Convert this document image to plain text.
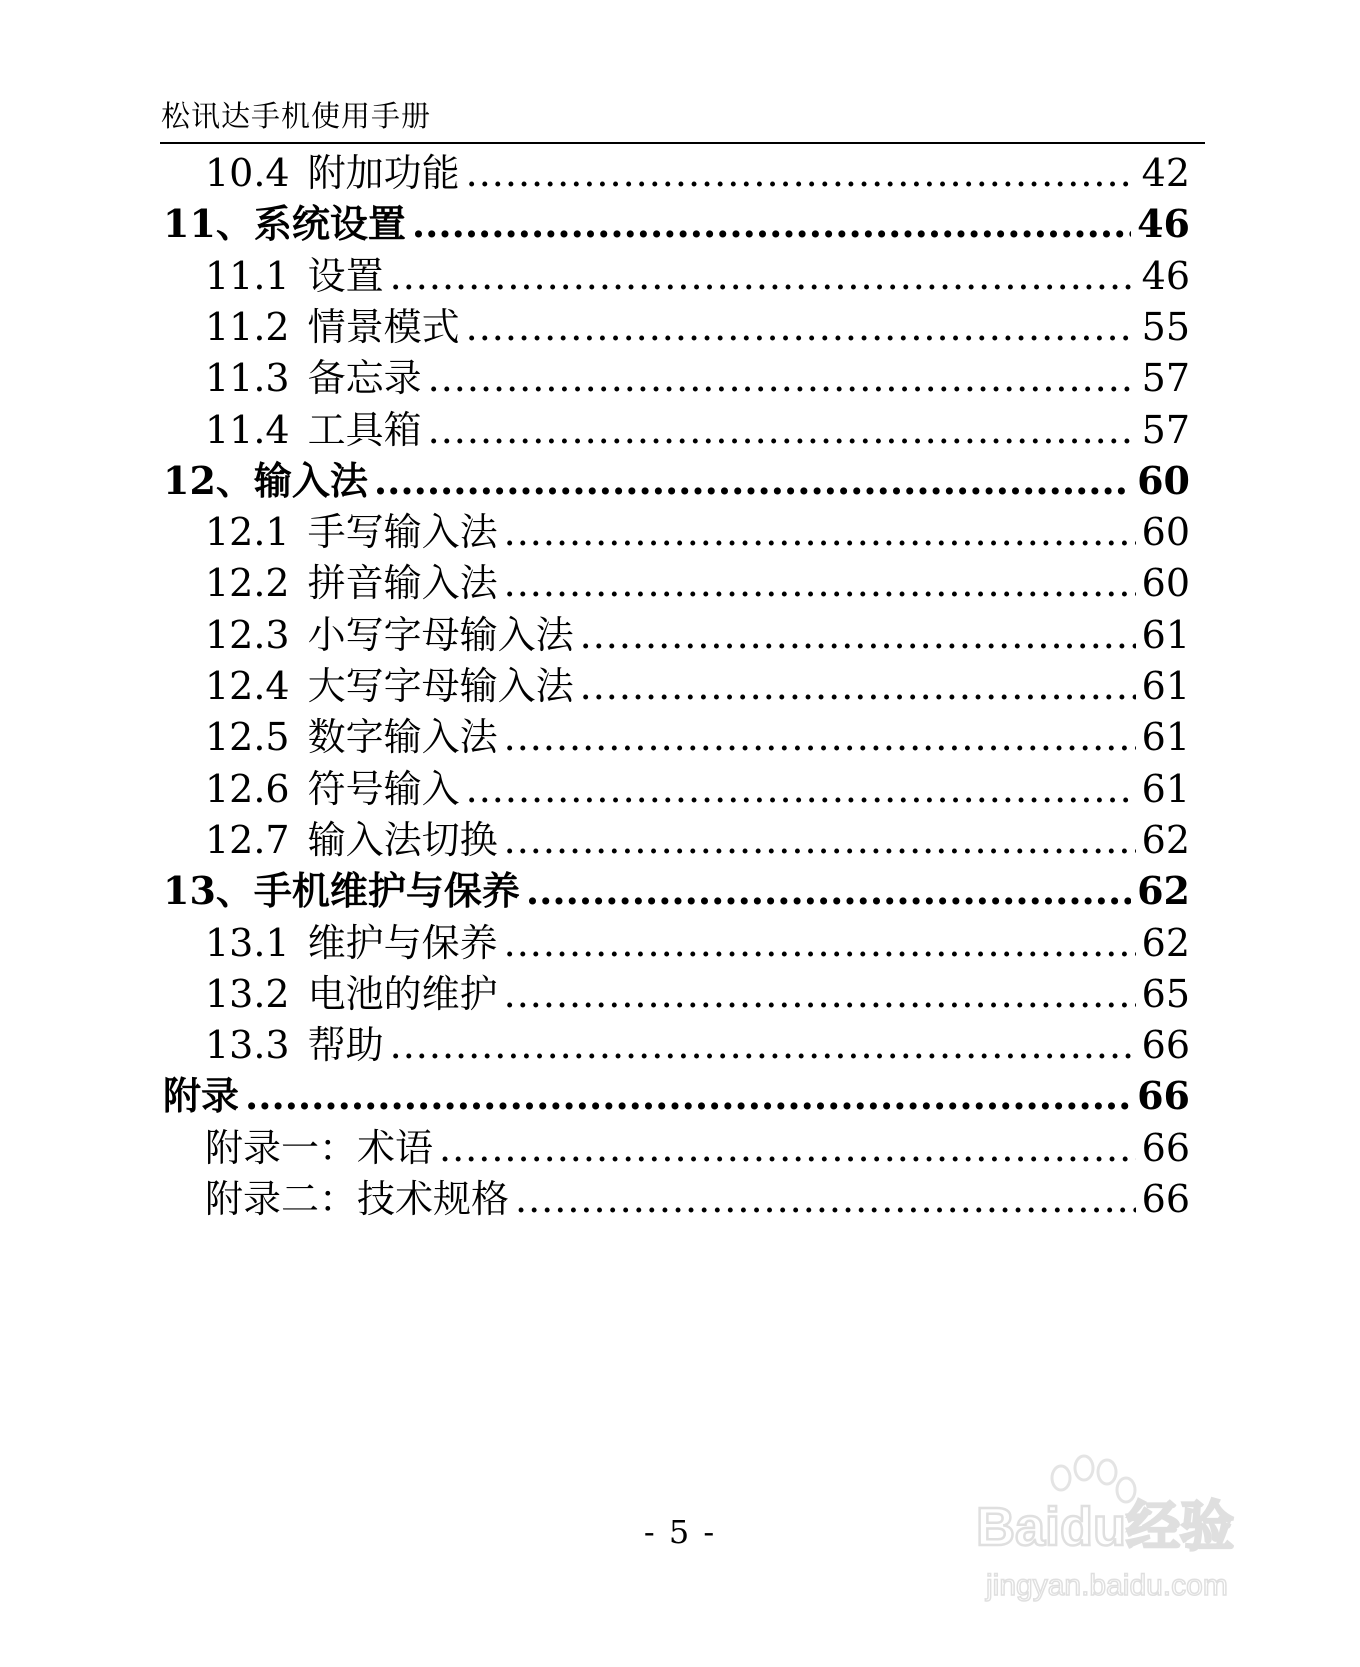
松讯达手机使用手册
10.4 附加功能 .....	42
11、系统设置 .....	46
11.1 设置 .....	46
11.2 情景模式 .....	55
11.3 备忘录 .....	57
11.4 工具箱 .....	57
12、输入法 .....	60
12.1 手写输入法 .....	60
12.2 拼音输入法 .....	60
12.3 小写字母输入法 .....	61
12.4 大写字母输入法 .....	61
12.5 数字输入法 .....	61
12.6 符号输入 .....	61
12.7 输入法切换 .....	62
13、手机维护与保养 .....	62
13.1 维护与保养 .....	62
13.2 电池的维护 .....	65
13.3 帮助 .....	66
附录 .....	66
附录一：术语 .....	66
附录二：技术规格 .....	66
- 5 -	Baidu经验
jingyan.baidu.com
